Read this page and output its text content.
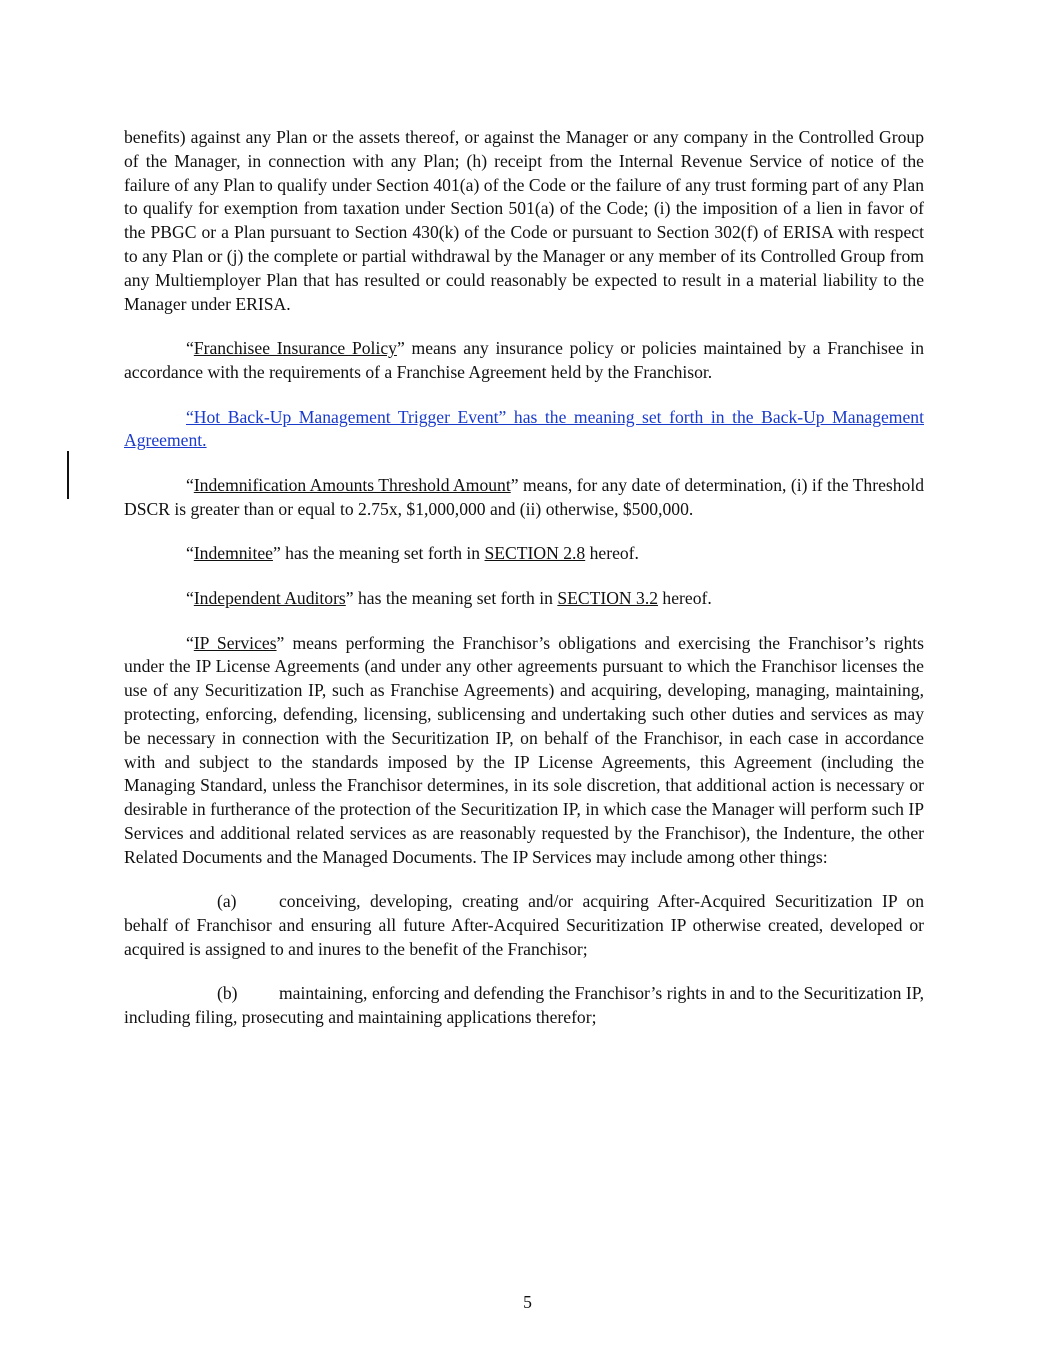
benefits) against any Plan or the assets thereof, or against the Manager or any company in the Controlled Group of the Manager, in connection with any Plan; (h) receipt from the Internal Revenue Service of notice of the failure of any Plan to qualify under Section 401(a) of the Code or the failure of any trust forming part of any Plan to qualify for exemption from taxation under Section 501(a) of the Code; (i) the imposition of a lien in favor of the PBGC or a Plan pursuant to Section 430(k) of the Code or pursuant to Section 302(f) of ERISA with respect to any Plan or (j) the complete or partial withdrawal by the Manager or any member of its Controlled Group from any Multiemployer Plan that has resulted or could reasonably be expected to result in a material liability to the Manager under ERISA.

“Franchisee Insurance Policy” means any insurance policy or policies maintained by a Franchisee in accordance with the requirements of a Franchise Agreement held by the Franchisor.

“Hot Back-Up Management Trigger Event” has the meaning set forth in the Back-Up Management Agreement.

“Indemnification Amounts Threshold Amount” means, for any date of determination, (i) if the Threshold DSCR is greater than or equal to 2.75x, $1,000,000 and (ii) otherwise, $500,000.

“Indemnitee” has the meaning set forth in SECTION 2.8 hereof.

“Independent Auditors” has the meaning set forth in SECTION 3.2 hereof.

“IP Services” means performing the Franchisor’s obligations and exercising the Franchisor’s rights under the IP License Agreements (and under any other agreements pursuant to which the Franchisor licenses the use of any Securitization IP, such as Franchise Agreements) and acquiring, developing, managing, maintaining, protecting, enforcing, defending, licensing, sublicensing and undertaking such other duties and services as may be necessary in connection with the Securitization IP, on behalf of the Franchisor, in each case in accordance with and subject to the standards imposed by the IP License Agreements, this Agreement (including the Managing Standard, unless the Franchisor determines, in its sole discretion, that additional action is necessary or desirable in furtherance of the protection of the Securitization IP, in which case the Manager will perform such IP Services and additional related services as are reasonably requested by the Franchisor), the Indenture, the other Related Documents and the Managed Documents. The IP Services may include among other things:

(a) conceiving, developing, creating and/or acquiring After-Acquired Securitization IP on behalf of Franchisor and ensuring all future After-Acquired Securitization IP otherwise created, developed or acquired is assigned to and inures to the benefit of the Franchisor;

(b) maintaining, enforcing and defending the Franchisor’s rights in and to the Securitization IP, including filing, prosecuting and maintaining applications therefor;

5
